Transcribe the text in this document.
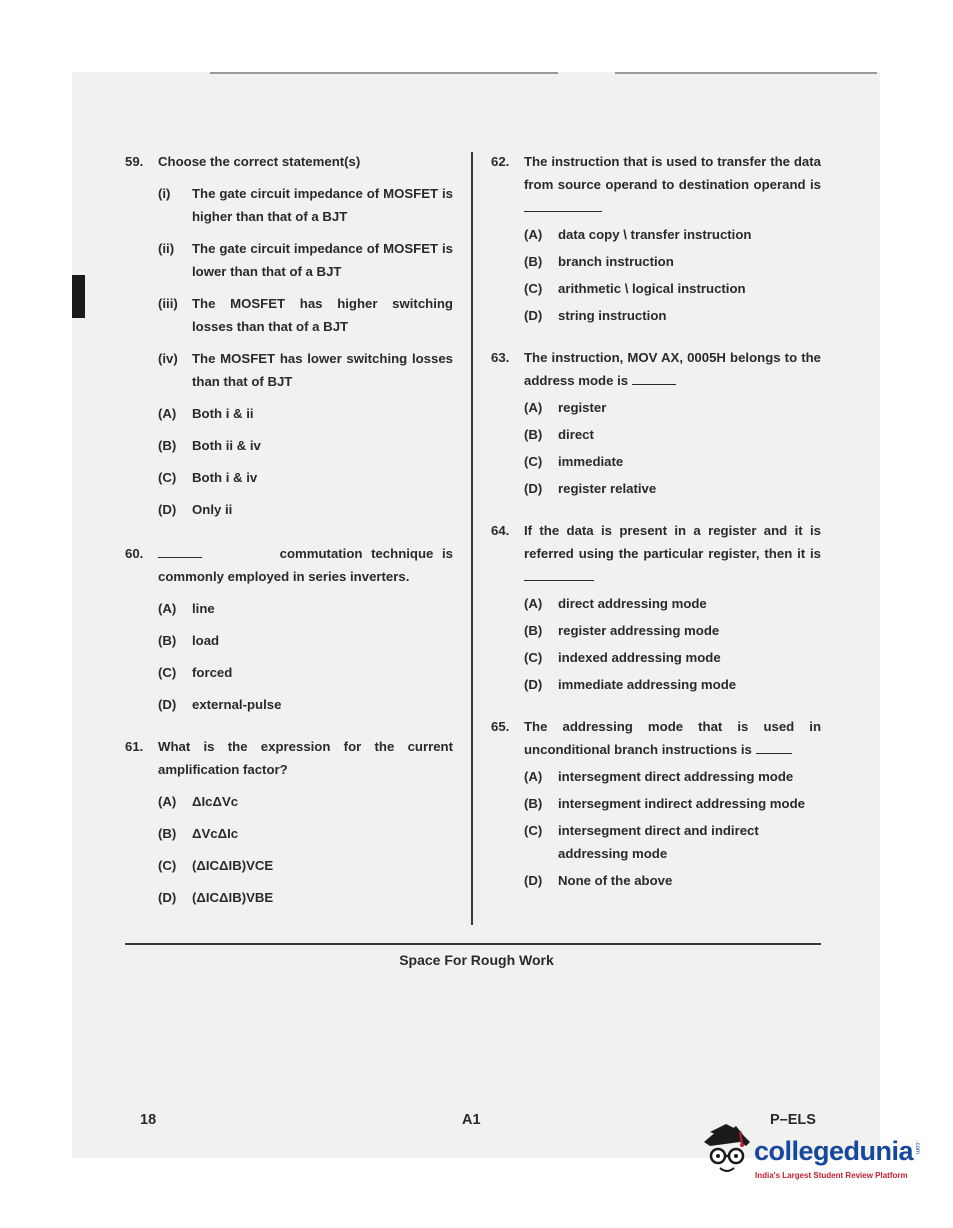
59.	Choose the correct statement(s)
(i)	The gate circuit impedance of MOSFET is higher than that of a BJT
(ii)	The gate circuit impedance of MOSFET is lower than that of a BJT
(iii)	The MOSFET has higher switching losses than that of a BJT
(iv)	The MOSFET has lower switching losses than that of BJT
(A)	Both i & ii
(B)	Both ii & iv
(C)	Both i & iv
(D)	Only ii
60.	commutation technique is commonly employed in series inverters.
(A)	line
(B)	load
(C)	forced
(D)	external-pulse
61.	What is the expression for the current amplification factor?
(A)	ΔIcΔVc
(B)	ΔVcΔIc
(C)	(ΔICΔIB)VCE
(D)	(ΔICΔIB)VBE
62.	The instruction that is used to transfer the data from source operand to destination operand is
(A)	data copy \ transfer instruction
(B)	branch instruction
(C)	arithmetic \ logical instruction
(D)	string instruction
63.	The instruction, MOV AX, 0005H belongs to the address mode is
(A)	register
(B)	direct
(C)	immediate
(D)	register relative
64.	If the data is present in a register and it is referred using the particular register, then it is
(A)	direct addressing mode
(B)	register addressing mode
(C)	indexed addressing mode
(D)	immediate addressing mode
65.	The addressing mode that is used in unconditional branch instructions is
(A)	intersegment direct addressing mode
(B)	intersegment indirect addressing mode
(C)	intersegment direct and indirect addressing mode
(D)	None of the above
Space For Rough Work
18	A1	P–ELS
collegedunia .com
India's Largest Student Review Platform
